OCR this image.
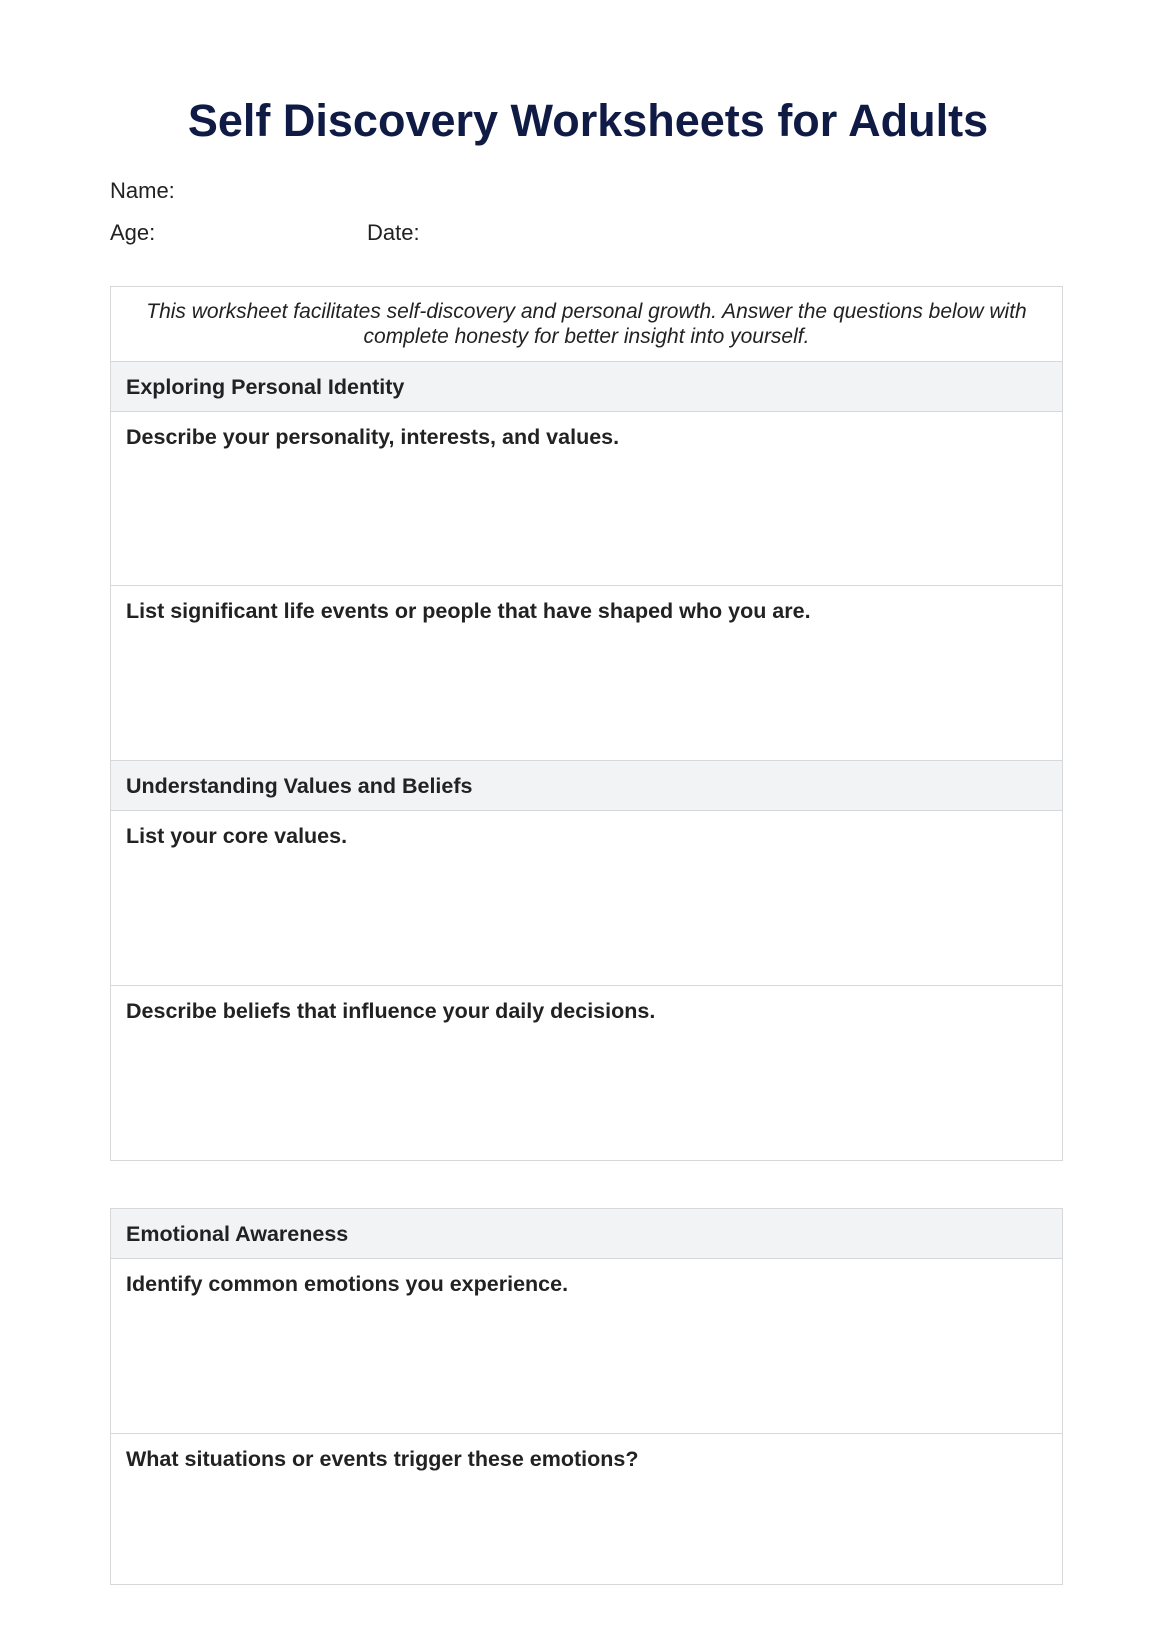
Self Discovery Worksheets for Adults
Name:
Age:	Date:
This worksheet facilitates self-discovery and personal growth. Answer the questions below with complete honesty for better insight into yourself.
Exploring Personal Identity
Describe your personality, interests, and values.
List significant life events or people that have shaped who you are.
Understanding Values and Beliefs
List your core values.
Describe beliefs that influence your daily decisions.
Emotional Awareness
Identify common emotions you experience.
What situations or events trigger these emotions?
